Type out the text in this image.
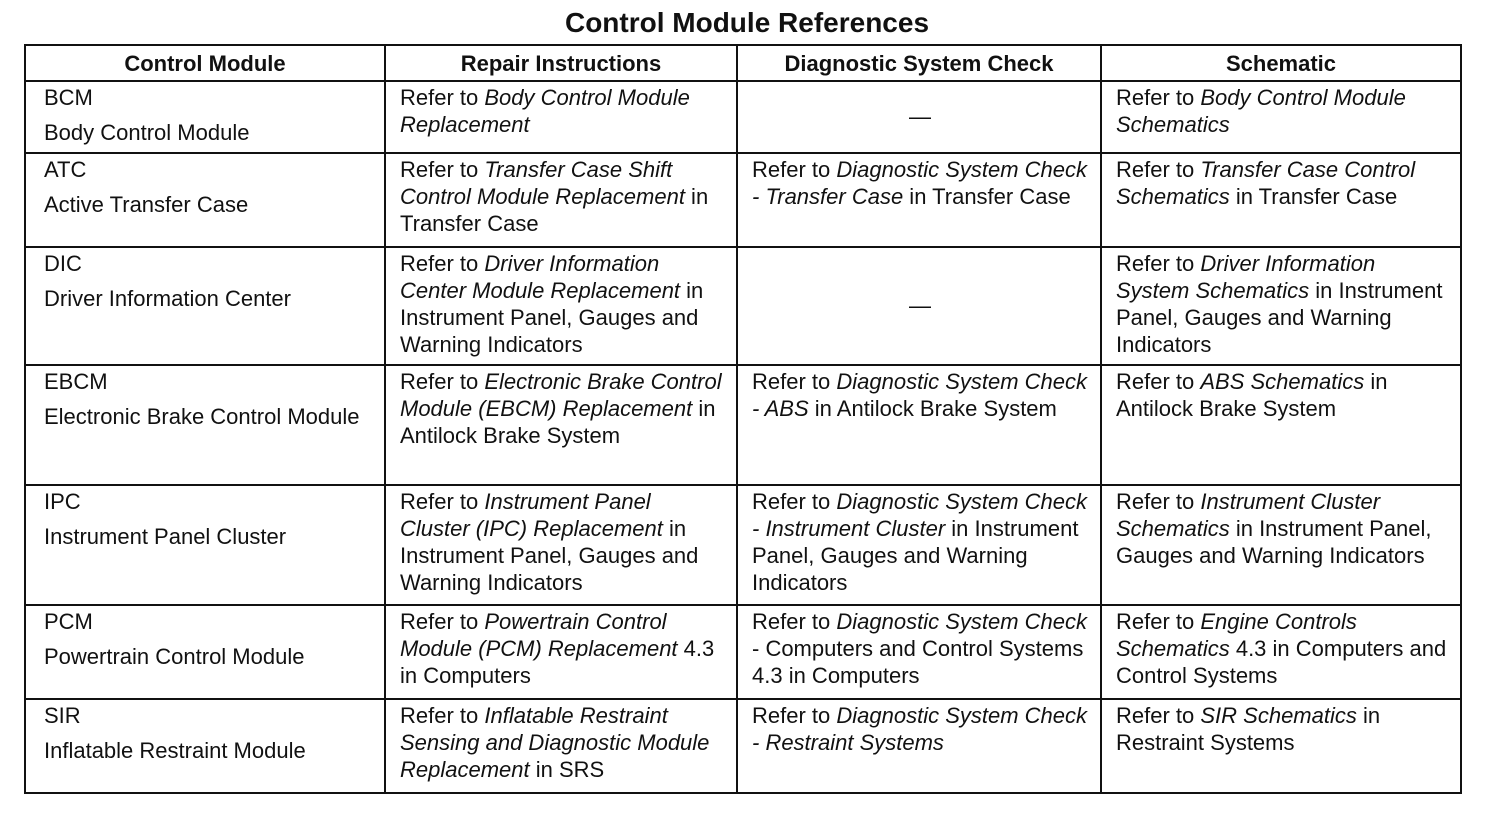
Control Module References
Control Module	Repair Instructions	Diagnostic System Check	Schematic

BCM
Body Control Module	Refer to Body Control Module Replacement	—	Refer to Body Control Module Schematics

ATC
Active Transfer Case	Refer to Transfer Case Shift Control Module Replacement in Transfer Case	Refer to Diagnostic System Check - Transfer Case in Transfer Case	Refer to Transfer Case Control Schematics in Transfer Case

DIC
Driver Information Center	Refer to Driver Information Center Module Replacement in Instrument Panel, Gauges and Warning Indicators	—	Refer to Driver Information System Schematics in Instrument Panel, Gauges and Warning Indicators

EBCM
Electronic Brake Control Module	Refer to Electronic Brake Control Module (EBCM) Replacement in Antilock Brake System	Refer to Diagnostic System Check - ABS in Antilock Brake System	Refer to ABS Schematics in Antilock Brake System

IPC
Instrument Panel Cluster	Refer to Instrument Panel Cluster (IPC) Replacement in Instrument Panel, Gauges and Warning Indicators	Refer to Diagnostic System Check - Instrument Cluster in Instrument Panel, Gauges and Warning Indicators	Refer to Instrument Cluster Schematics in Instrument Panel, Gauges and Warning Indicators

PCM
Powertrain Control Module	Refer to Powertrain Control Module (PCM) Replacement 4.3 in Computers	Refer to Diagnostic System Check - Computers and Control Systems 4.3 in Computers	Refer to Engine Controls Schematics 4.3 in Computers and Control Systems

SIR
Inflatable Restraint Module	Refer to Inflatable Restraint Sensing and Diagnostic Module Replacement in SRS	Refer to Diagnostic System Check - Restraint Systems	Refer to SIR Schematics in Restraint Systems
